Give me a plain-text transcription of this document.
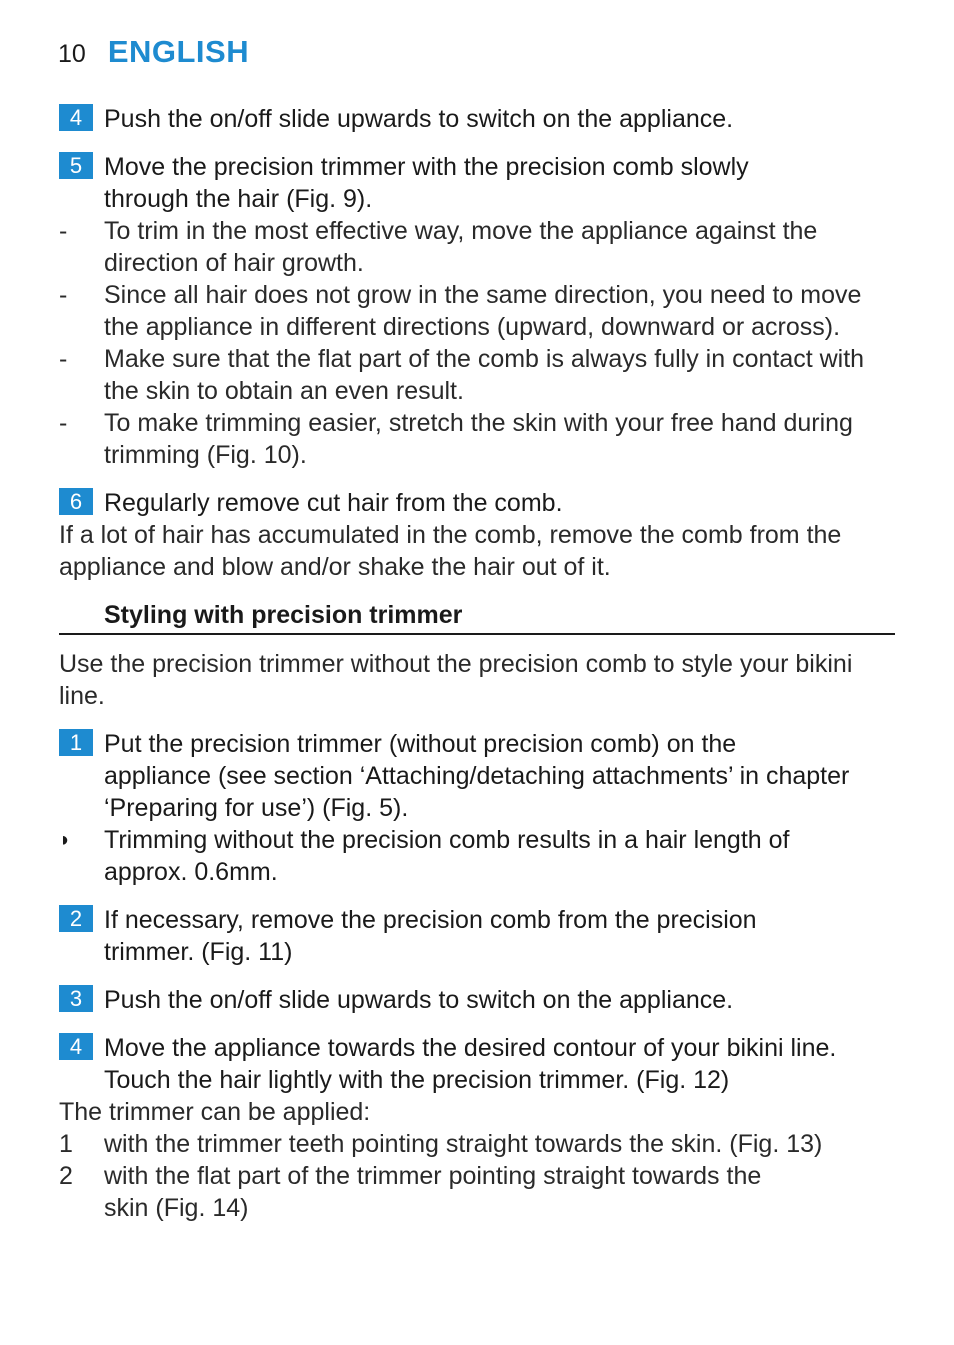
10 ENGLISH
4 Push the on/off slide upwards to switch on the appliance.
5 Move the precision trimmer with the precision comb slowly
through the hair (Fig. 9).
- To trim in the most effective way, move the appliance against the
direction of hair growth.
- Since all hair does not grow in the same direction, you need to move
the appliance in different directions (upward, downward or across).
- Make sure that the flat part of the comb is always fully in contact with
the skin to obtain an even result.
- To make trimming easier, stretch the skin with your free hand during
trimming (Fig. 10).
6 Regularly remove cut hair from the comb.
If a lot of hair has accumulated in the comb, remove the comb from the
appliance and blow and/or shake the hair out of it.
Styling with precision trimmer
Use the precision trimmer without the precision comb to style your bikini
line.
1 Put the precision trimmer (without precision comb) on the
appliance (see section ‘Attaching/detaching attachments’ in chapter
‘Preparing for use’) (Fig. 5).
◗ Trimming without the precision comb results in a hair length of
approx. 0.6mm.
2 If necessary, remove the precision comb from the precision
trimmer. (Fig. 11)
3 Push the on/off slide upwards to switch on the appliance.
4 Move the appliance towards the desired contour of your bikini line.
Touch the hair lightly with the precision trimmer. (Fig. 12)
The trimmer can be applied:
1 with the trimmer teeth pointing straight towards the skin. (Fig. 13)
2 with the flat part of the trimmer pointing straight towards the
skin (Fig. 14)
